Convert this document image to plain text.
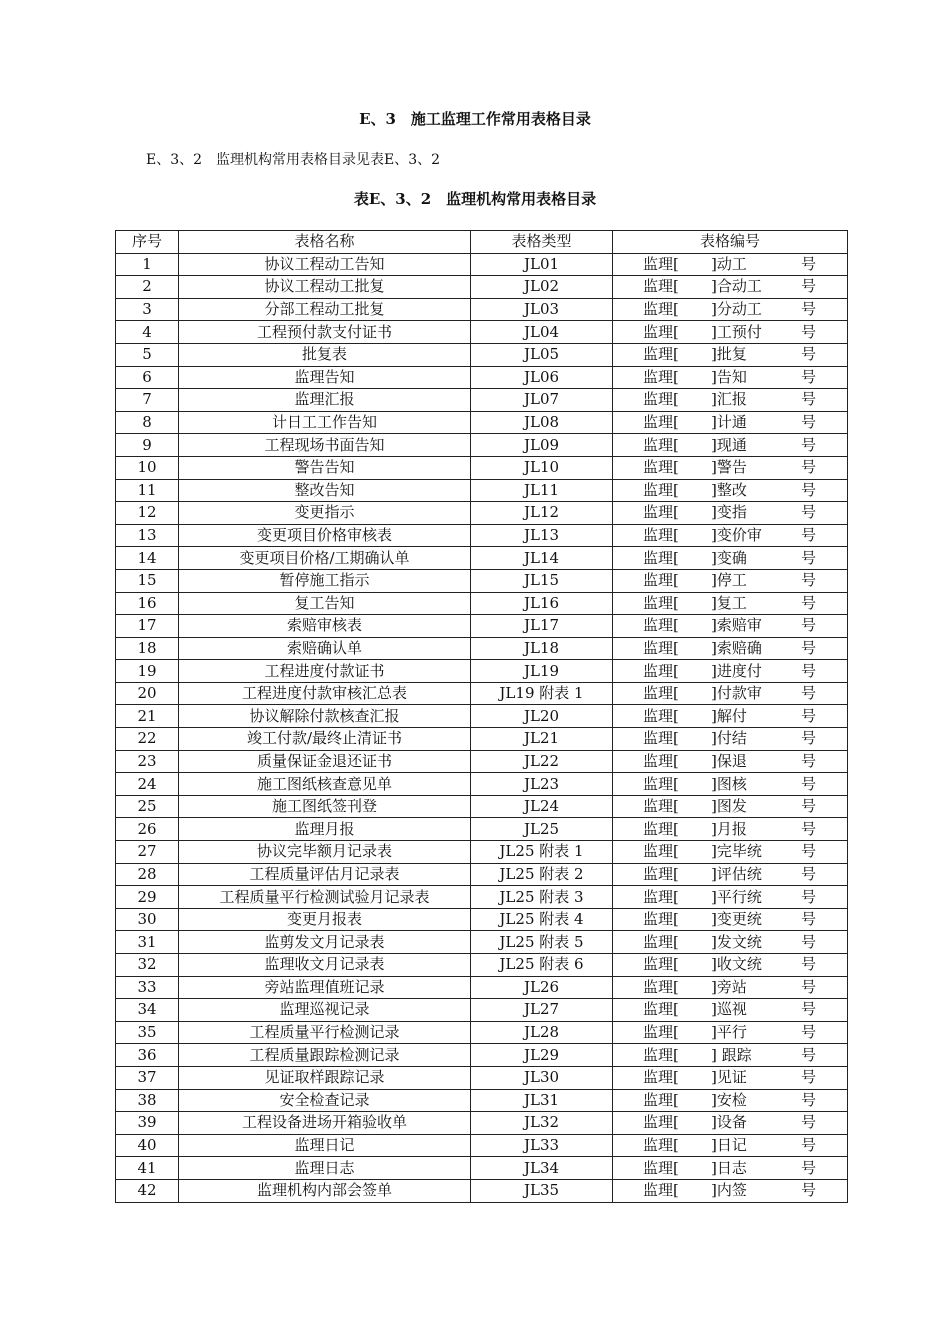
E、3　施工监理工作常用表格目录
E、3、2　监理机构常用表格目录见表E、3、2
表E、3、2　监理机构常用表格目录
序号	表格名称	表格类型	表格编号
1	协议工程动工告知	JL01	监理[ ]动工 号

2	协议工程动工批复	JL02	监理[ ]合动工 号

3	分部工程动工批复	JL03	监理[ ]分动工 号

4	工程预付款支付证书	JL04	监理[ ]工预付 号

5	批复表	JL05	监理[ ]批复 号

6	监理告知	JL06	监理[ ]告知 号

7	监理汇报	JL07	监理[ ]汇报 号

8	计日工工作告知	JL08	监理[ ]计通 号

9	工程现场书面告知	JL09	监理[ ]现通 号

10	警告告知	JL10	监理[ ]警告 号

11	整改告知	JL11	监理[ ]整改 号

12	变更指示	JL12	监理[ ]变指 号

13	变更项目价格审核表	JL13	监理[ ]变价审 号

14	变更项目价格/工期确认单	JL14	监理[ ]变确 号

15	暂停施工指示	JL15	监理[ ]停工 号

16	复工告知	JL16	监理[ ]复工 号

17	索赔审核表	JL17	监理[ ]索赔审 号

18	索赔确认单	JL18	监理[ ]索赔确 号

19	工程进度付款证书	JL19	监理[ ]进度付 号

20	工程进度付款审核汇总表	JL19 附表 1	监理[ ]付款审 号

21	协议解除付款核查汇报	JL20	监理[ ]解付 号

22	竣工付款/最终止清证书	JL21	监理[ ]付结 号

23	质量保证金退还证书	JL22	监理[ ]保退 号

24	施工图纸核查意见单	JL23	监理[ ]图核 号

25	施工图纸签刊登	JL24	监理[ ]图发 号

26	监理月报	JL25	监理[ ]月报 号

27	协议完毕额月记录表	JL25 附表 1	监理[ ]完毕统 号

28	工程质量评估月记录表	JL25 附表 2	监理[ ]评估统 号

29	工程质量平行检测试验月记录表	JL25 附表 3	监理[ ]平行统 号

30	变更月报表	JL25 附表 4	监理[ ]变更统 号

31	监剪发文月记录表	JL25 附表 5	监理[ ]发文统 号

32	监理收文月记录表	JL25 附表 6	监理[ ]收文统 号

33	旁站监理值班记录	JL26	监理[ ]旁站 号

34	监理巡视记录	JL27	监理[ ]巡视 号

35	工程质量平行检测记录	JL28	监理[ ]平行 号

36	工程质量跟踪检测记录	JL29	监理[ ] 跟踪 号

37	见证取样跟踪记录	JL30	监理[ ]见证 号

38	安全检查记录	JL31	监理[ ]安检 号

39	工程设备进场开箱验收单	JL32	监理[ ]设备 号

40	监理日记	JL33	监理[ ]日记 号

41	监理日志	JL34	监理[ ]日志 号

42	监理机构内部会签单	JL35	监理[ ]内签 号
